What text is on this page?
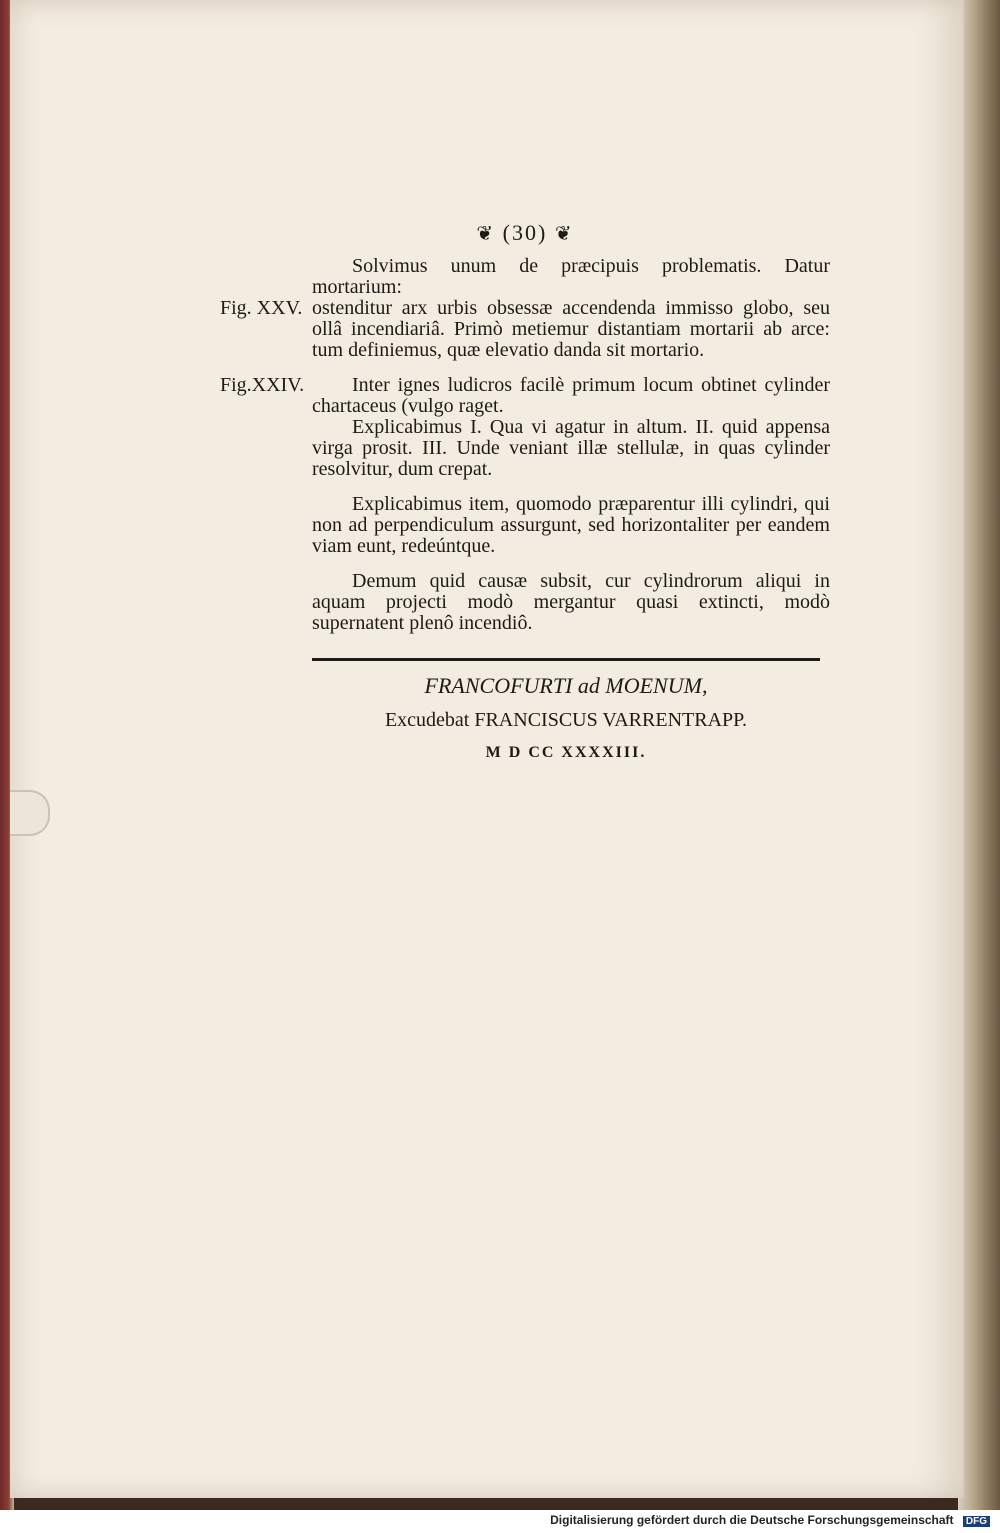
❦ (30) ❦

Solvimus unum de præcipuis problematis. Datur mortarium:

Fig. XXV. ostenditur arx urbis obsessæ accendenda immisso globo, seu ollâ incendiariâ. Primò metiemur distantiam mortarii ab arce: tum definiemus, quæ elevatio danda sit mortario.

Fig.XXIV.	Inter ignes ludicros facilè primum locum obtinet cylinder chartaceus (vulgo raget.

Explicabimus I. Qua vi agatur in altum. II. quid appensa virga prosit. III. Unde veniant illæ stellulæ, in quas cylinder resolvitur, dum crepat.

Explicabimus item, quomodo præparentur illi cylindri, qui non ad perpendiculum assurgunt, sed horizontaliter per eandem viam eunt, redeúntque.

Demum quid causæ subsit, cur cylindrorum aliqui in aquam projecti modò mergantur quasi extincti, modò supernatent plenô incendiô.

FRANCOFURTI ad MOENUM,
Excudebat FRANCISCUS VARRENTRAPP.
M D CC XXXXIII.
Digitalisierung gefördert durch die Deutsche Forschungsgemeinschaft DFG
